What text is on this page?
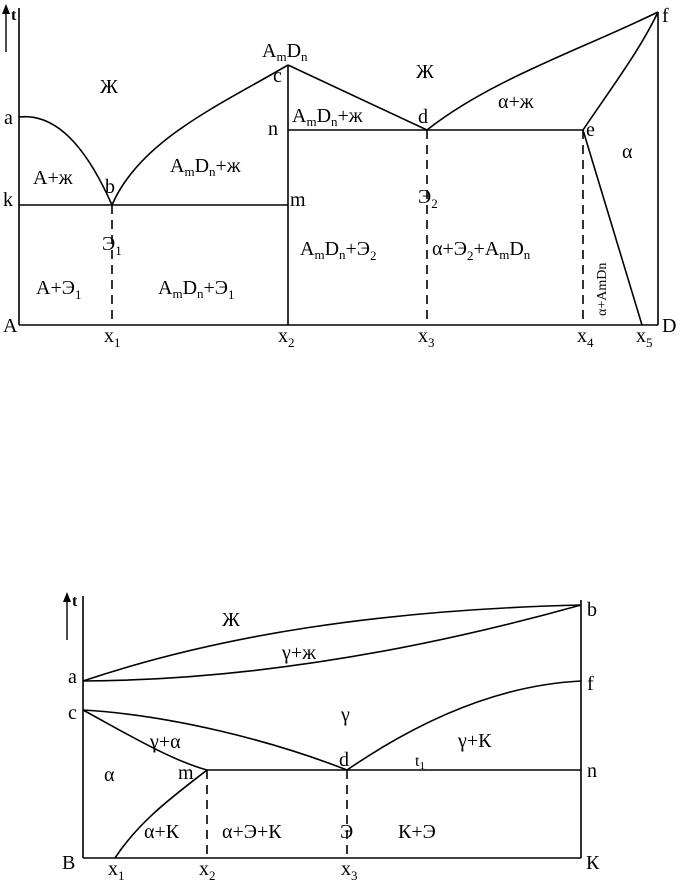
t
a
b
c
d
e
f
k	m
n
A	D
$A_mD_n$
$x_1$	$x_2$	$x_3$	$x_4$ $x_5$
$Э_1$
$Э_2$
Ж
Ж
А+ж
$A_mD_n+ж$
$A_mD_n+ж$
α+ж
α
$А+Э_1$	$A_mD_n+Э_1$
$A_mD_n+Э_2$	$\alpha+Э_2+A_mD_n$
α+AmDn
t
a
b
c
d
f
m	n
t1
В	К
$x_1$	$x_2$	$x_3$
Э
Ж
γ+ж
γ
γ+α	γ+К
α
α+К α+Э+К	К+Э
